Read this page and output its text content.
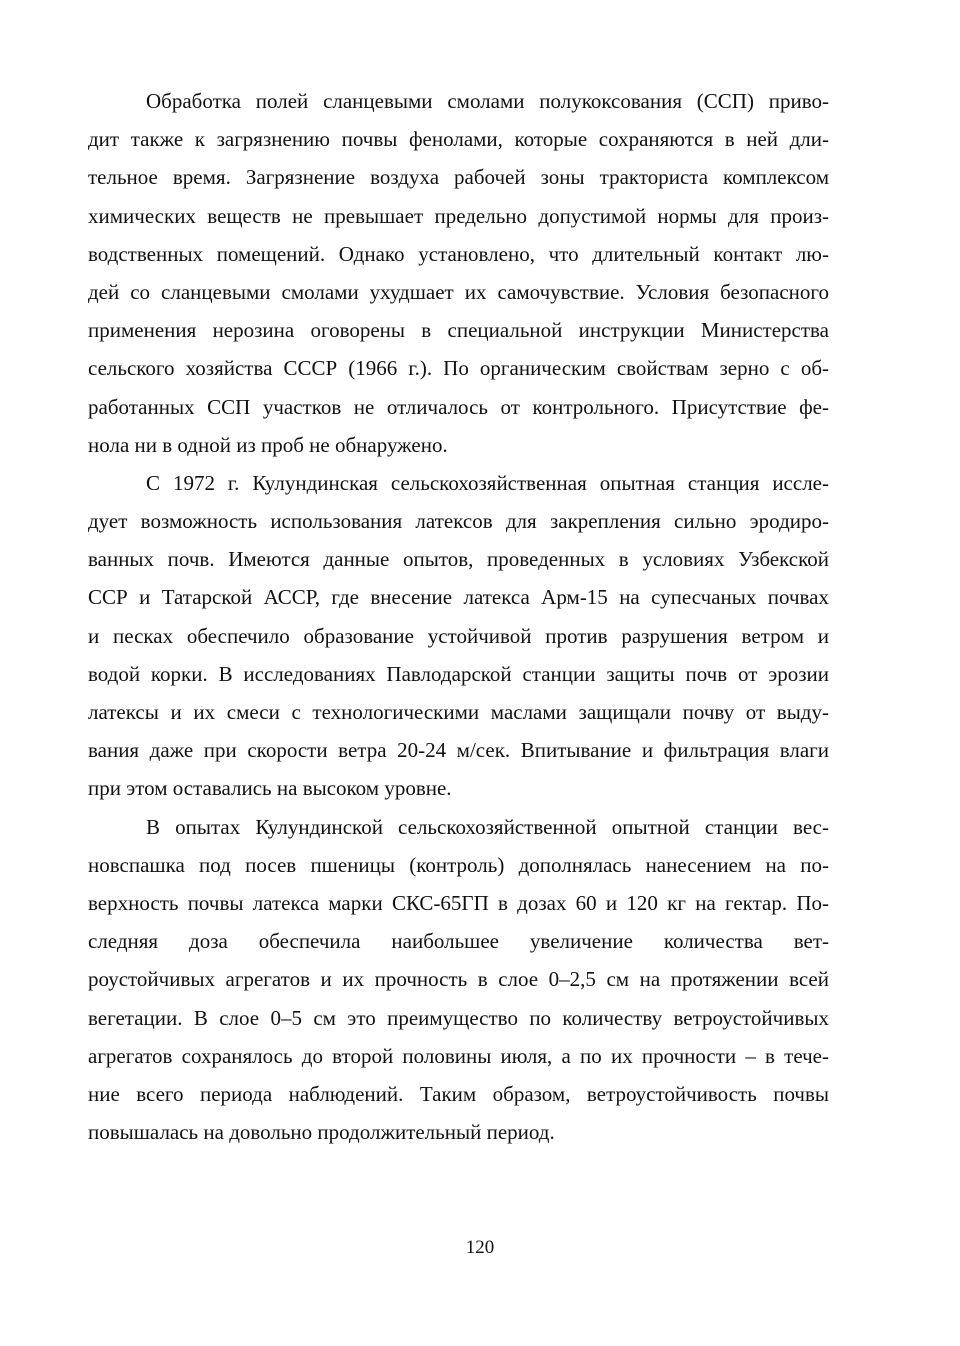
Обработка полей сланцевыми смолами полукоксования (ССП) приво-
дит также к загрязнению почвы фенолами, которые сохраняются в ней дли-
тельное время. Загрязнение воздуха рабочей зоны тракториста комплексом
химических веществ не превышает предельно допустимой нормы для произ-
водственных помещений. Однако установлено, что длительный контакт лю-
дей со сланцевыми смолами ухудшает их самочувствие. Условия безопасного
применения нерозина оговорены в специальной инструкции Министерства
сельского хозяйства СССР (1966 г.). По органическим свойствам зерно с об-
работанных ССП участков не отличалось от контрольного. Присутствие фе-
нола ни в одной из проб не обнаружено.
С 1972 г. Кулундинская сельскохозяйственная опытная станция иссле-
дует возможность использования латексов для закрепления сильно эродиро-
ванных почв. Имеются данные опытов, проведенных в условиях Узбекской
ССР и Татарской АССР, где внесение латекса Арм-15 на супесчаных почвах
и песках обеспечило образование устойчивой против разрушения ветром и
водой корки. В исследованиях Павлодарской станции защиты почв от эрозии
латексы и их смеси с технологическими маслами защищали почву от выду-
вания даже при скорости ветра 20-24 м/сек. Впитывание и фильтрация влаги
при этом оставались на высоком уровне.
В опытах Кулундинской сельскохозяйственной опытной станции вес-
новспашка под посев пшеницы (контроль) дополнялась нанесением на по-
верхность почвы латекса марки СКС-65ГП в дозах 60 и 120 кг на гектар. По-
следняя доза обеспечила наибольшее увеличение количества вет-
роустойчивых агрегатов и их прочность в слое 0–2,5 см на протяжении всей
вегетации. В слое 0–5 см это преимущество по количеству ветроустойчивых
агрегатов сохранялось до второй половины июля, а по их прочности – в тече-
ние всего периода наблюдений. Таким образом, ветроустойчивость почвы
повышалась на довольно продолжительный период.
120
